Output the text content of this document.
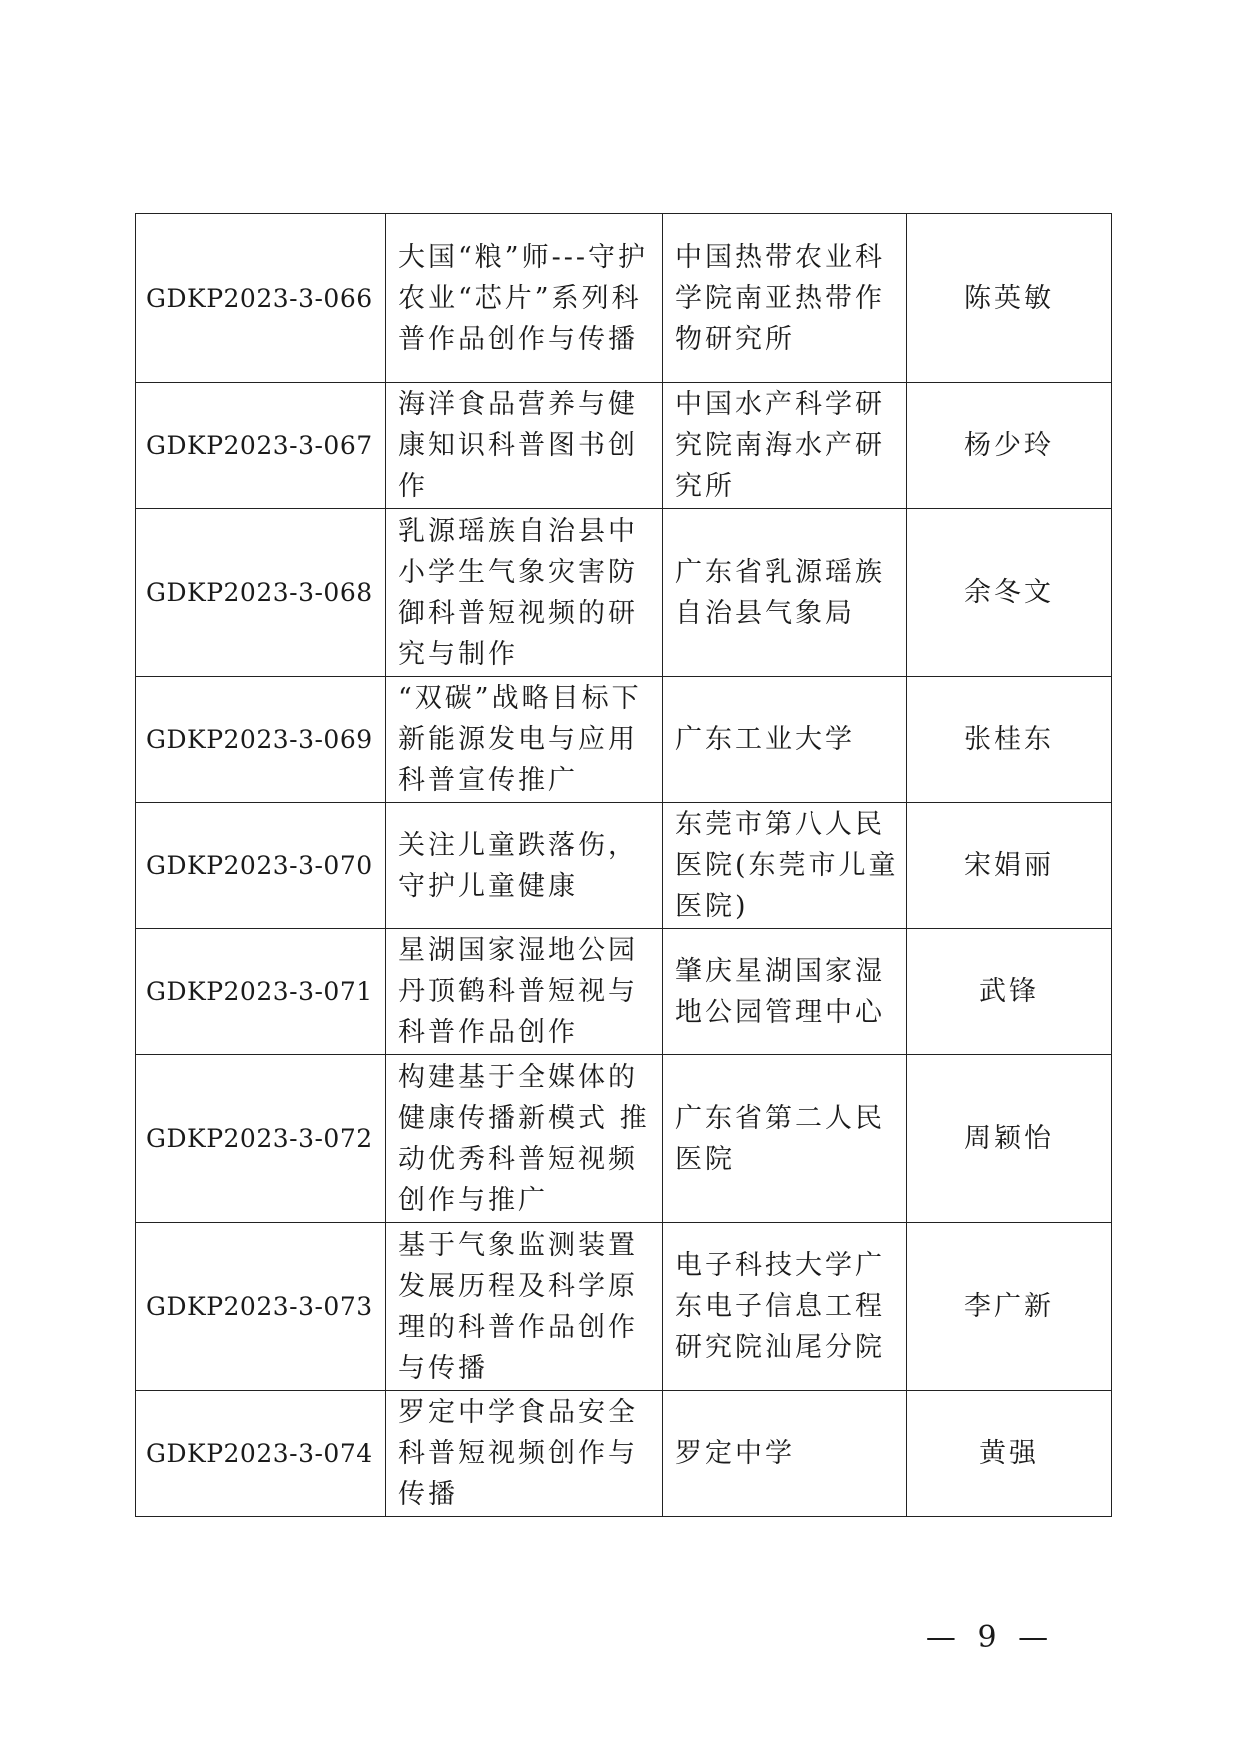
GDKP2023-3-066	大国“粮”师---守护农业“芯片”系列科普作品创作与传播	中国热带农业科学院南亚热带作物研究所	陈英敏
GDKP2023-3-067	海洋食品营养与健康知识科普图书创作	中国水产科学研究院南海水产研究所	杨少玲
GDKP2023-3-068	乳源瑶族自治县中小学生气象灾害防御科普短视频的研究与制作	广东省乳源瑶族自治县气象局	余冬文
GDKP2023-3-069	“双碳”战略目标下新能源发电与应用科普宣传推广	广东工业大学	张桂东
GDKP2023-3-070	关注儿童跌落伤，守护儿童健康	东莞市第八人民医院(东莞市儿童医院)	宋娟丽
GDKP2023-3-071	星湖国家湿地公园丹顶鹤科普短视与科普作品创作	肇庆星湖国家湿地公园管理中心	武锋
GDKP2023-3-072	构建基于全媒体的健康传播新模式 推动优秀科普短视频创作与推广	广东省第二人民医院	周颖怡
GDKP2023-3-073	基于气象监测装置发展历程及科学原理的科普作品创作与传播	电子科技大学广东电子信息工程研究院汕尾分院	李广新
GDKP2023-3-074	罗定中学食品安全科普短视频创作与传播	罗定中学	黄强
— 9 —
